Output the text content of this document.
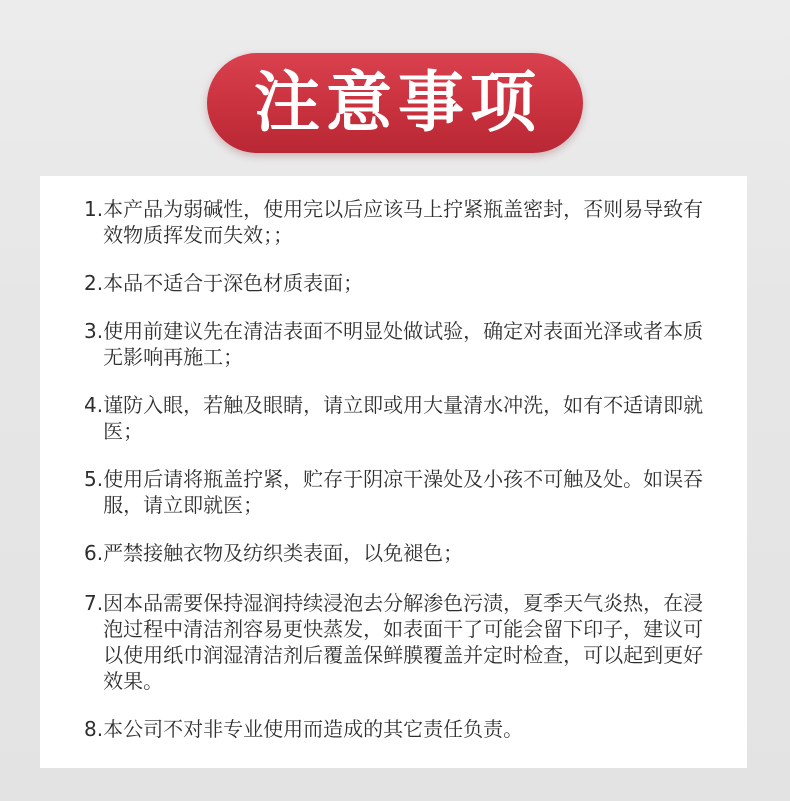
注意事项
1. 本产品为弱碱性，使用完以后应该马上拧紧瓶盖密封，否则易导致有效物质挥发而失效；；
2. 本品不适合于深色材质表面；
3. 使用前建议先在清洁表面不明显处做试验，确定对表面光泽或者本质无影响再施工；
4. 谨防入眼，若触及眼睛，请立即或用大量清水冲洗，如有不适请即就医；
5. 使用后请将瓶盖拧紧，贮存于阴凉干澡处及小孩不可触及处。如误吞服，请立即就医；
6. 严禁接触衣物及纺织类表面，以免褪色；
7. 因本品需要保持湿润持续浸泡去分解渗色污渍，夏季天气炎热，在浸泡过程中清洁剂容易更快蒸发，如表面干了可能会留下印子，建议可以使用纸巾润湿清洁剂后覆盖保鲜膜覆盖并定时检查，可以起到更好效果。
8. 本公司不对非专业使用而造成的其它责任负责。
